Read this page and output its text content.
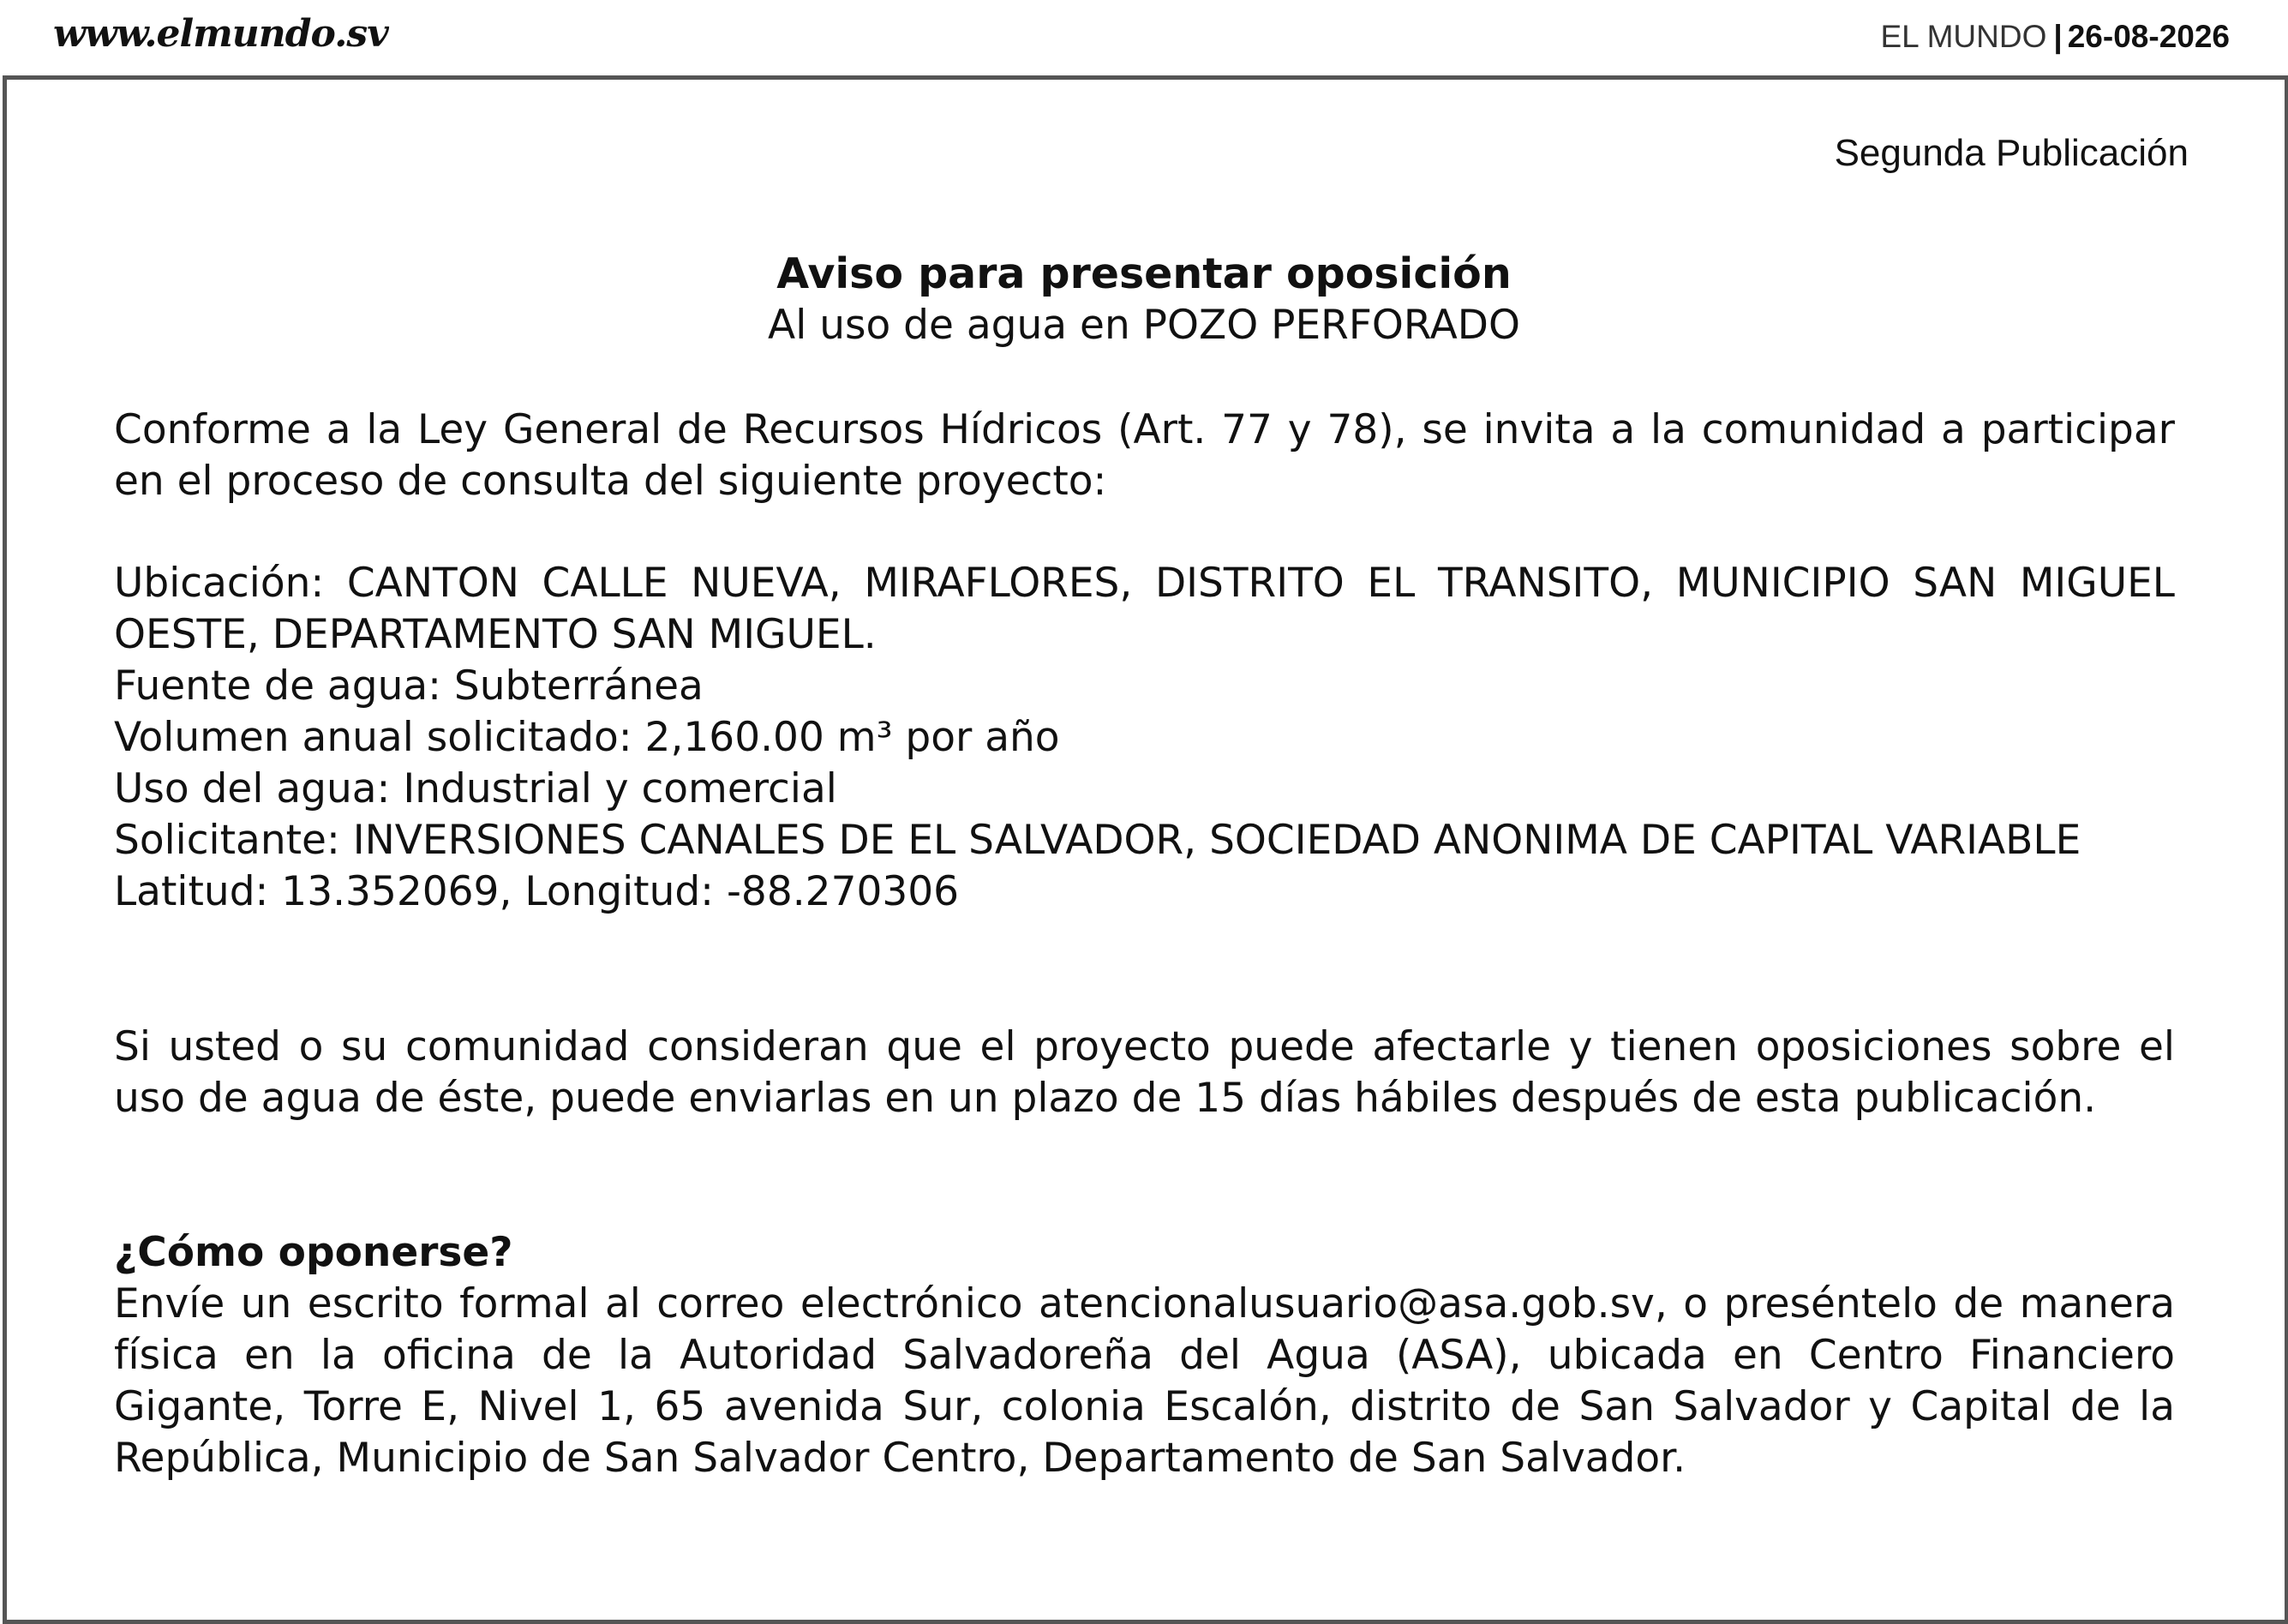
www.elmundo.sv	EL MUNDO | 26-08-2026
Segunda Publicación
Aviso para presentar oposición
Al uso de agua en POZO PERFORADO

Conforme a la Ley General de Recursos Hídricos (Art. 77 y 78), se invita a la comunidad a participar en el proceso de consulta del siguiente proyecto:

Ubicación: CANTON CALLE NUEVA, MIRAFLORES, DISTRITO EL TRANSITO, MUNICIPIO SAN MIGUEL OESTE, DEPARTAMENTO SAN MIGUEL.

Fuente de agua: Subterránea

Volumen anual solicitado: 2,160.00 m³ por año

Uso del agua: Industrial y comercial

Solicitante: INVERSIONES CANALES DE EL SALVADOR, SOCIEDAD ANONIMA DE CAPITAL VARIABLE

Latitud: 13.352069, Longitud: -88.270306

Si usted o su comunidad consideran que el proyecto puede afectarle y tienen oposiciones sobre el uso de agua de éste, puede enviarlas en un plazo de 15 días hábiles después de esta publicación.

¿Cómo oponerse?

Envíe un escrito formal al correo electrónico atencionalusuario@asa.gob.sv, o preséntelo de manera física en la oficina de la Autoridad Salvadoreña del Agua (ASA), ubicada en Centro Financiero Gigante, Torre E, Nivel 1, 65 avenida Sur, colonia Escalón, distrito de San Salvador y Capital de la República, Municipio de San Salvador Centro, Departamento de San Salvador.
